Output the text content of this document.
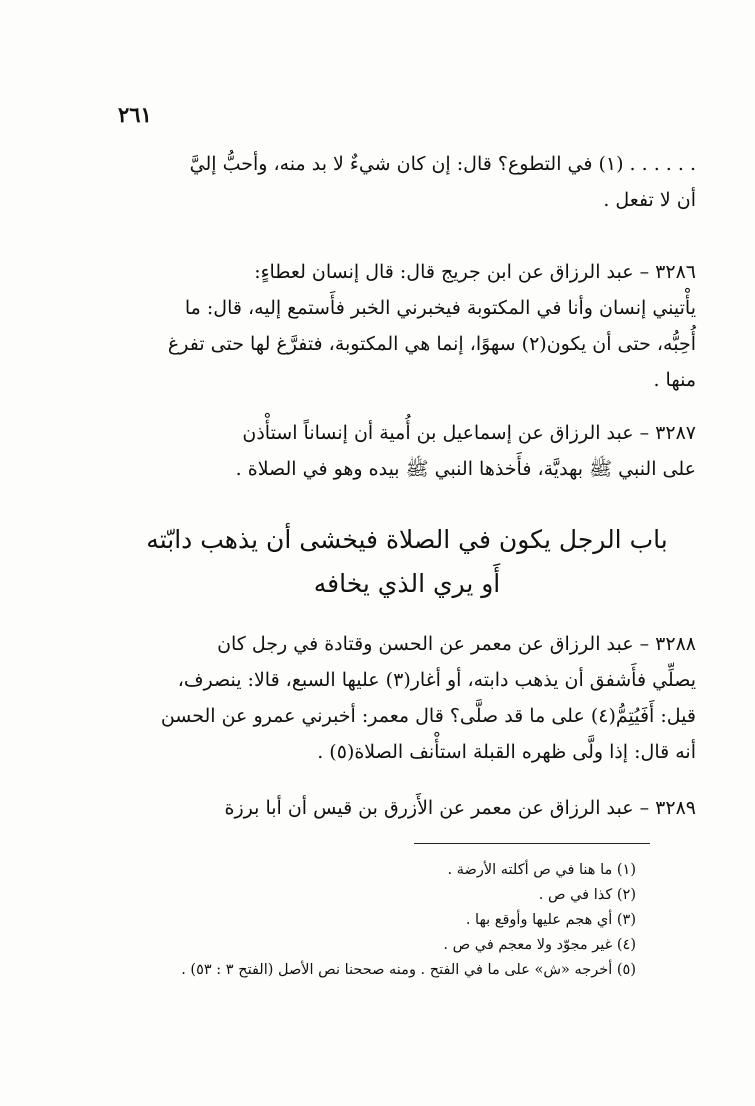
٢٦١
. . . . . . (١) في التطوع؟ قال: إن كان شيءٌ لا بد منه، وأحبُّ إليَّ
أن لا تفعل .
٣٢٨٦ – عبد الرزاق عن ابن جريج قال: قال إنسان لعطاءٍ:
يأْتيني إنسان وأنا في المكتوبة فيخبرني الخبر فأَستمع إليه، قال: ما
أُحِبُّه، حتى أن يكون(٢) سهوًا، إنما هي المكتوبة، فتفرَّغ لها حتى تفرغ
منها .
٣٢٨٧ – عبد الرزاق عن إسماعيل بن أُمية أن إنساناً استأْذن
على النبي ﷺ بهديَّة، فأَخذها النبي ﷺ بيده وهو في الصلاة .
باب الرجل يكون في الصلاة فيخشى أن يذهب دابّته
أَو يري الذي يخافه
٣٢٨٨ – عبد الرزاق عن معمر عن الحسن وقتادة في رجل كان
يصلِّي فأَشفق أن يذهب دابته، أو أغار(٣) عليها السبع، قالا: ينصرف،
قيل: أَفَيُتِمُّ(٤) على ما قد صلَّى؟ قال معمر: أخبرني عمرو عن الحسن
أنه قال: إذا ولَّى ظهره القبلة استأْنف الصلاة(٥) .
٣٢٨٩ – عبد الرزاق عن معمر عن الأَزرق بن قيس أن أبا برزة
(١) ما هنا في ص أكلته الأرضة .
(٢) كذا في ص .
(٣) أي هجم عليها وأوقع بها .
(٤) غير مجوّد ولا معجم في ص .
(٥) أخرجه «ش» على ما في الفتح . ومنه صححنا نص الأصل (الفتح ٣ : ٥٣) .
